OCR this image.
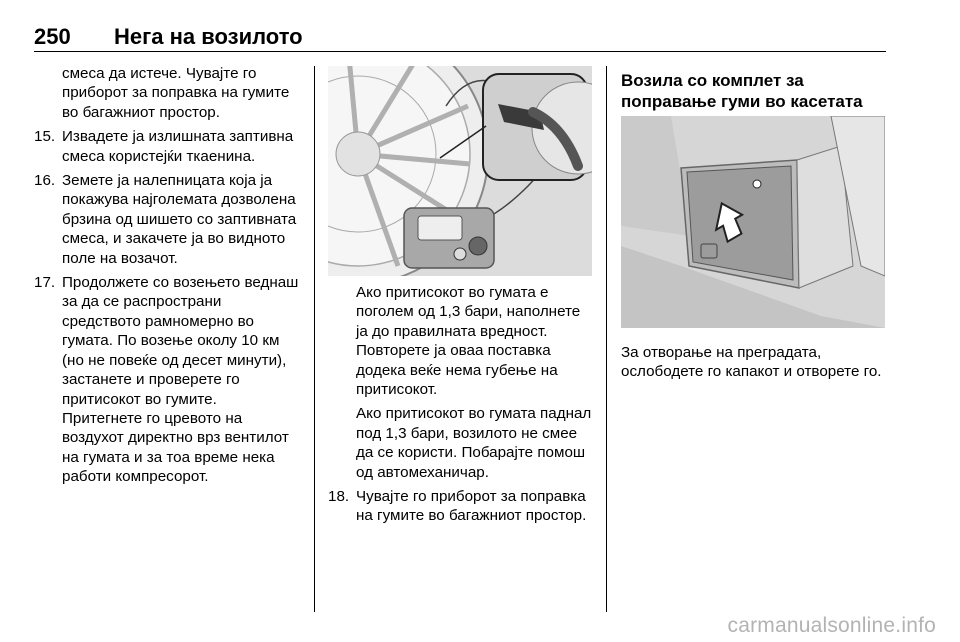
250 Нега на возилото

смеса да истече. Чувајте го приборот за поправка на гумите во багажниот простор.

15. Извадете ја излишната заптивна смеса користејќи ткаенина.
16. Земете ја налепницата која ја покажува најголемата дозволена брзина од шишето со заптивната смеса, и закачете ја во видното поле на возачот.
17. Продолжете со возењето веднаш за да се распространи средството рамномерно во гумата. По возење околу 10 км (но не повеќе од десет минути), застанете и проверете го притисокот во гумите.

Притегнете го цревото на воздухот директно врз вентилот на гумата и за тоа време нека работи компресорот.

Ако притисокот во гумата е поголем од 1,3 бари, наполнете ја до правилната вредност. Повторете ја оваа поставка додека веќе нема губење на притисокот.

Ако притисокот во гумата паднал под 1,3 бари, возилото не смее да се користи. Побарајте помош од автомеханичар.

18. Чувајте го приборот за поправка на гумите во багажниот простор.

Возила со комплет за поправање гуми во касетата

За отворање на преградата, ослободете го капакот и отворете го.

carmanualsonline.info
